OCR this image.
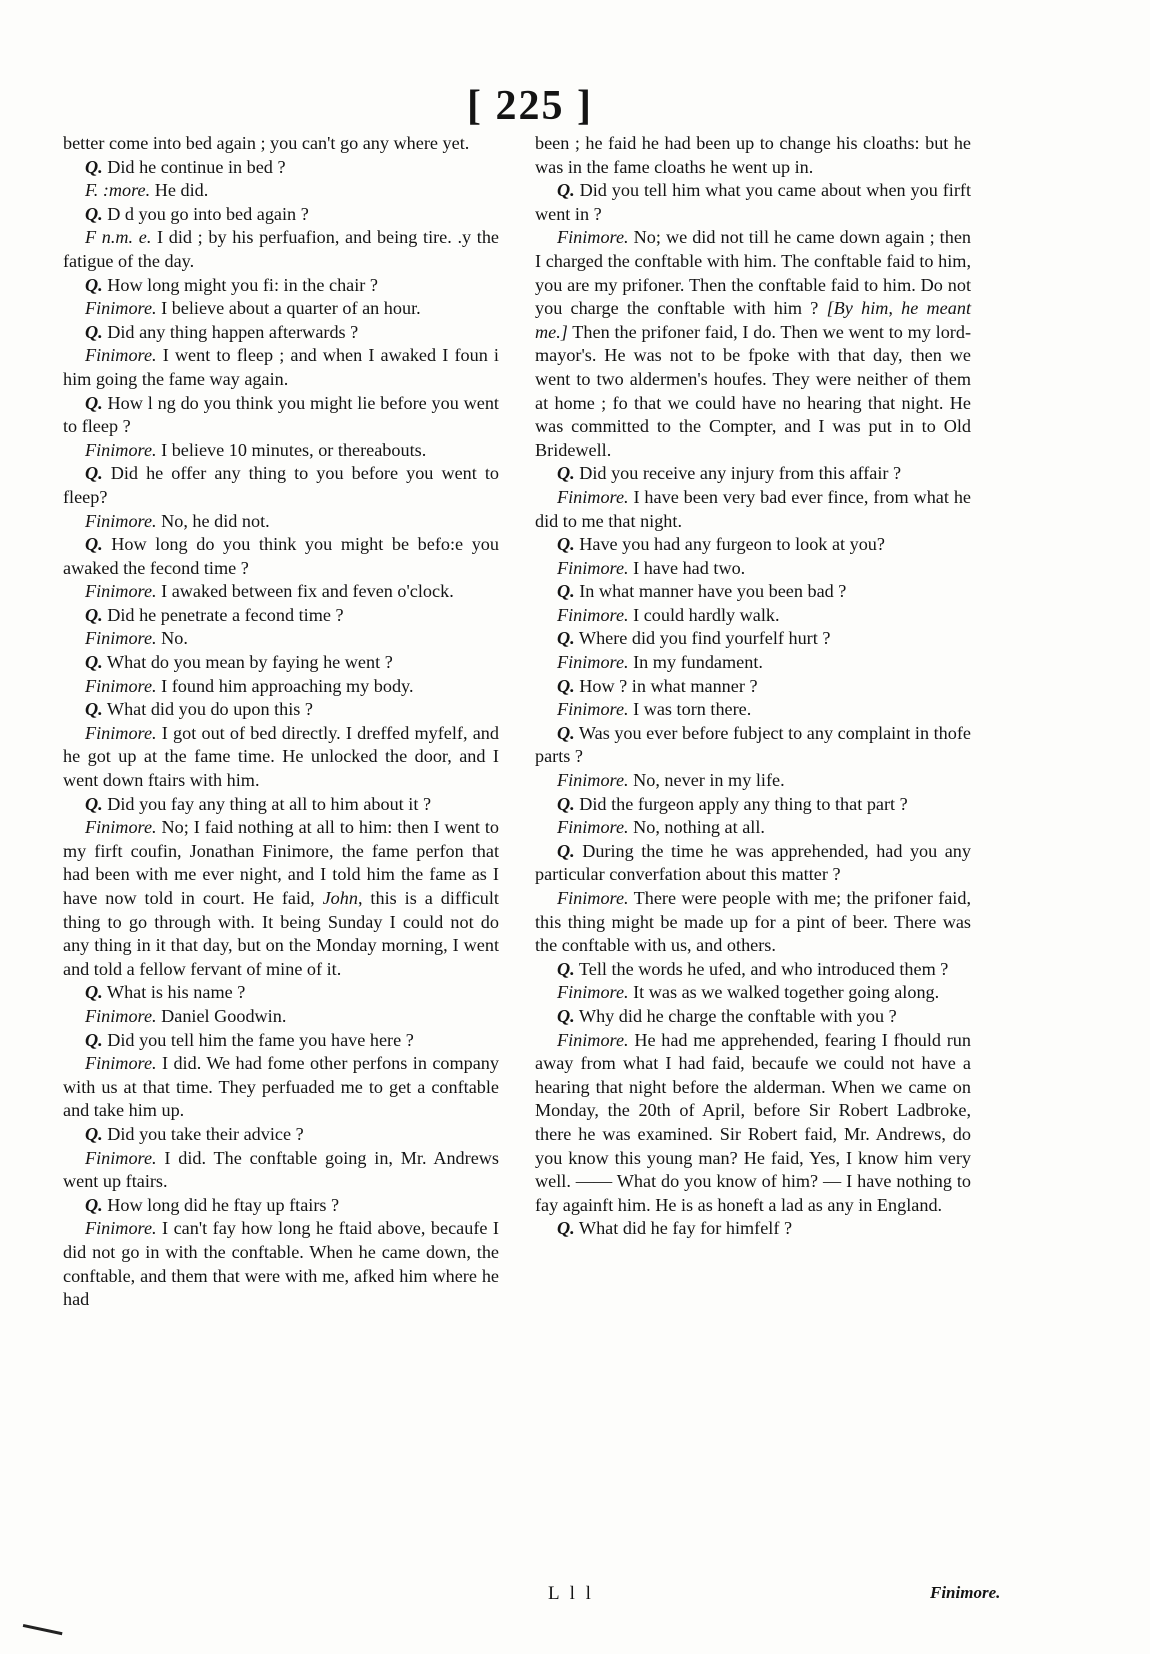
[ 225 ]

better come into bed again ; you can't go any where yet.

Q. Did he continue in bed ?

F. :more. He did.

Q. D d you go into bed again ?

F n.m. e. I did ; by his perfuafion, and being tire. .y the fatigue of the day.

Q. How long might you fi: in the chair ?

Finimore. I believe about a quarter of an hour.

Q. Did any thing happen afterwards ?

Finimore. I went to fleep ; and when I awaked I foun i him going the fame way again.

Q. How l ng do you think you might lie before you went to fleep ?

Finimore. I believe 10 minutes, or thereabouts.

Q. Did he offer any thing to you before you went to fleep?

Finimore. No, he did not.

Q. How long do you think you might be befo:e you awaked the fecond time ?

Finimore. I awaked between fix and feven o'clock.

Q. Did he penetrate a fecond time ?

Finimore. No.

Q. What do you mean by faying he went ?

Finimore. I found him approaching my body.

Q. What did you do upon this ?

Finimore. I got out of bed directly. I dreffed myfelf, and he got up at the fame time. He unlocked the door, and I went down ftairs with him.

Q. Did you fay any thing at all to him about it ?

Finimore. No; I faid nothing at all to him: then I went to my firft coufin, Jonathan Finimore, the fame perfon that had been with me ever night, and I told him the fame as I have now told in court. He faid, John, this is a difficult thing to go through with. It being Sunday I could not do any thing in it that day, but on the Monday morning, I went and told a fellow fervant of mine of it.

Q. What is his name ?

Finimore. Daniel Goodwin.

Q. Did you tell him the fame you have here ?

Finimore. I did. We had fome other perfons in company with us at that time. They perfuaded me to get a conftable and take him up.

Q. Did you take their advice ?

Finimore. I did. The conftable going in, Mr. Andrews went up ftairs.

Q. How long did he ftay up ftairs ?

Finimore. I can't fay how long he ftaid above, becaufe I did not go in with the conftable. When he came down, the conftable, and them that were with me, afked him where he had

been ; he faid he had been up to change his cloaths: but he was in the fame cloaths he went up in.

Q. Did you tell him what you came about when you firft went in ?

Finimore. No; we did not till he came down again ; then I charged the conftable with him. The conftable faid to him, you are my prifoner. Then the conftable faid to him. Do not you charge the conftable with him ? [By him, he meant me.] Then the prifoner faid, I do. Then we went to my lord-mayor's. He was not to be fpoke with that day, then we went to two aldermen's houfes. They were neither of them at home ; fo that we could have no hearing that night. He was committed to the Compter, and I was put in to Old Bridewell.

Q. Did you receive any injury from this affair ?

Finimore. I have been very bad ever fince, from what he did to me that night.

Q. Have you had any furgeon to look at you?

Finimore. I have had two.

Q. In what manner have you been bad ?

Finimore. I could hardly walk.

Q. Where did you find yourfelf hurt ?

Finimore. In my fundament.

Q. How ? in what manner ?

Finimore. I was torn there.

Q. Was you ever before fubject to any complaint in thofe parts ?

Finimore. No, never in my life.

Q. Did the furgeon apply any thing to that part ?

Finimore. No, nothing at all.

Q. During the time he was apprehended, had you any particular converfation about this matter ?

Finimore. There were people with me; the prifoner faid, this thing might be made up for a pint of beer. There was the conftable with us, and others.

Q. Tell the words he ufed, and who introduced them ?

Finimore. It was as we walked together going along.

Q. Why did he charge the conftable with you ?

Finimore. He had me apprehended, fearing I fhould run away from what I had faid, becaufe we could not have a hearing that night before the alderman. When we came on Monday, the 20th of April, before Sir Robert Ladbroke, there he was examined. Sir Robert faid, Mr. Andrews, do you know this young man? He faid, Yes, I know him very well. —— What do you know of him? — I have nothing to fay againft him. He is as honeft a lad as any in England.

Q. What did he fay for himfelf ?

L l l	Finimore.
